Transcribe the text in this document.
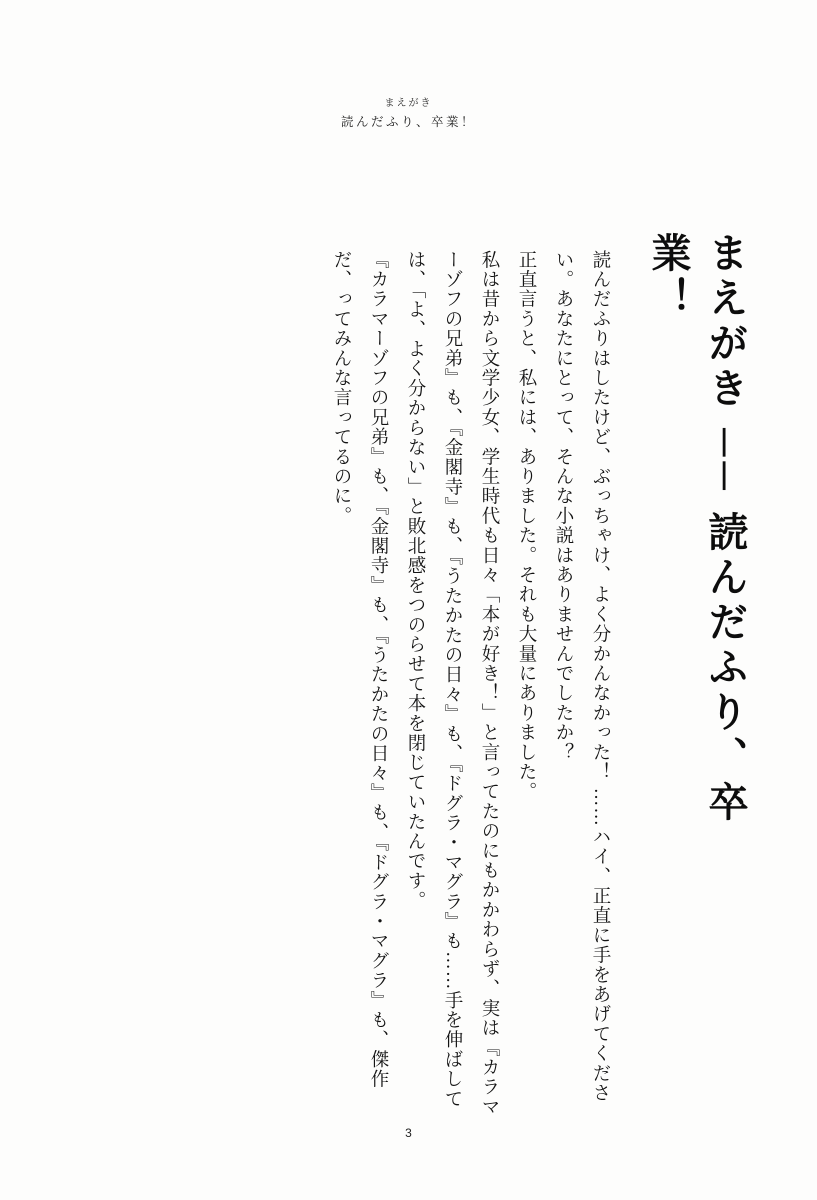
まえがき
読んだふり、卒業！
まえがき ── 読んだふり、卒業！
読んだふりはしたけど、ぶっちゃけ、よく分かんなかった！ ……ハイ、正直に手をあげてください。あなたにとって、そんな小説はありませんでしたか？
正直言うと、私には、ありました。それも大量にありました。
私は昔から文学少女、学生時代も日々「本が好き！」と言ってたのにもかかわらず、実は『カラマーゾフの兄弟』も、『金閣寺』も、『うたかたの日々』も、『ドグラ・マグラ』も……手を伸ばしては、「よ、よく分からない」と敗北感をつのらせて本を閉じていたんです。
『カラマーゾフの兄弟』も、『金閣寺』も、『うたかたの日々』も、『ドグラ・マグラ』も、傑作だ、ってみんな言ってるのに。
3
